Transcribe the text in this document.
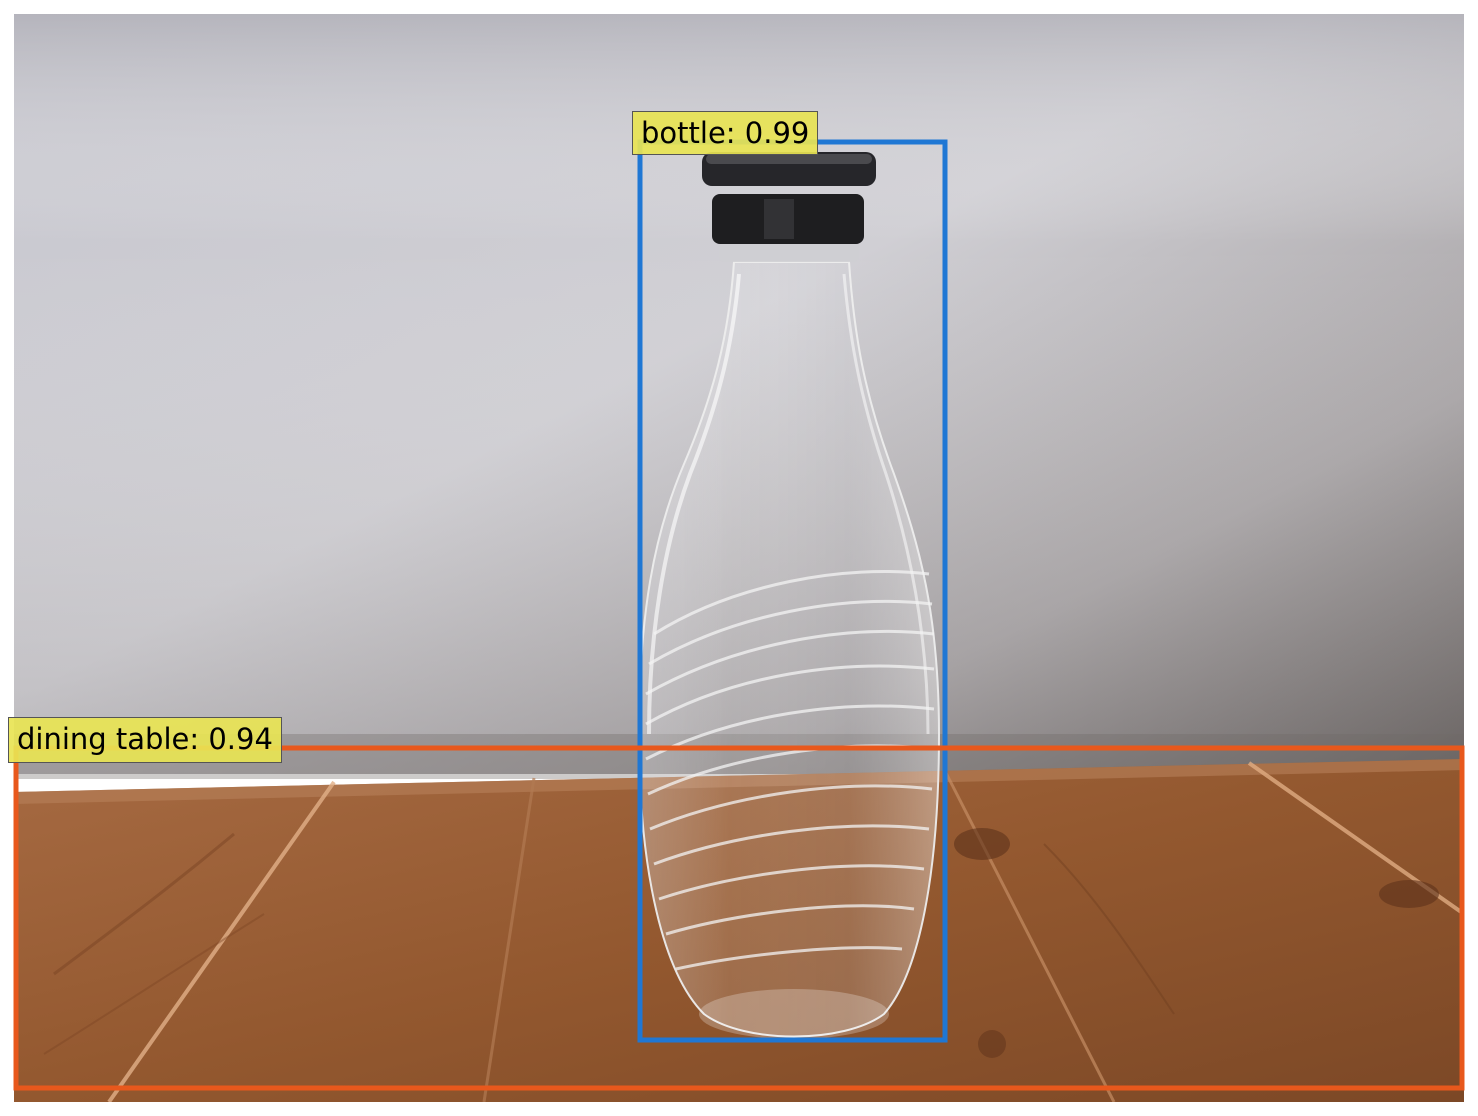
bottle: 0.99
dining table: 0.94
